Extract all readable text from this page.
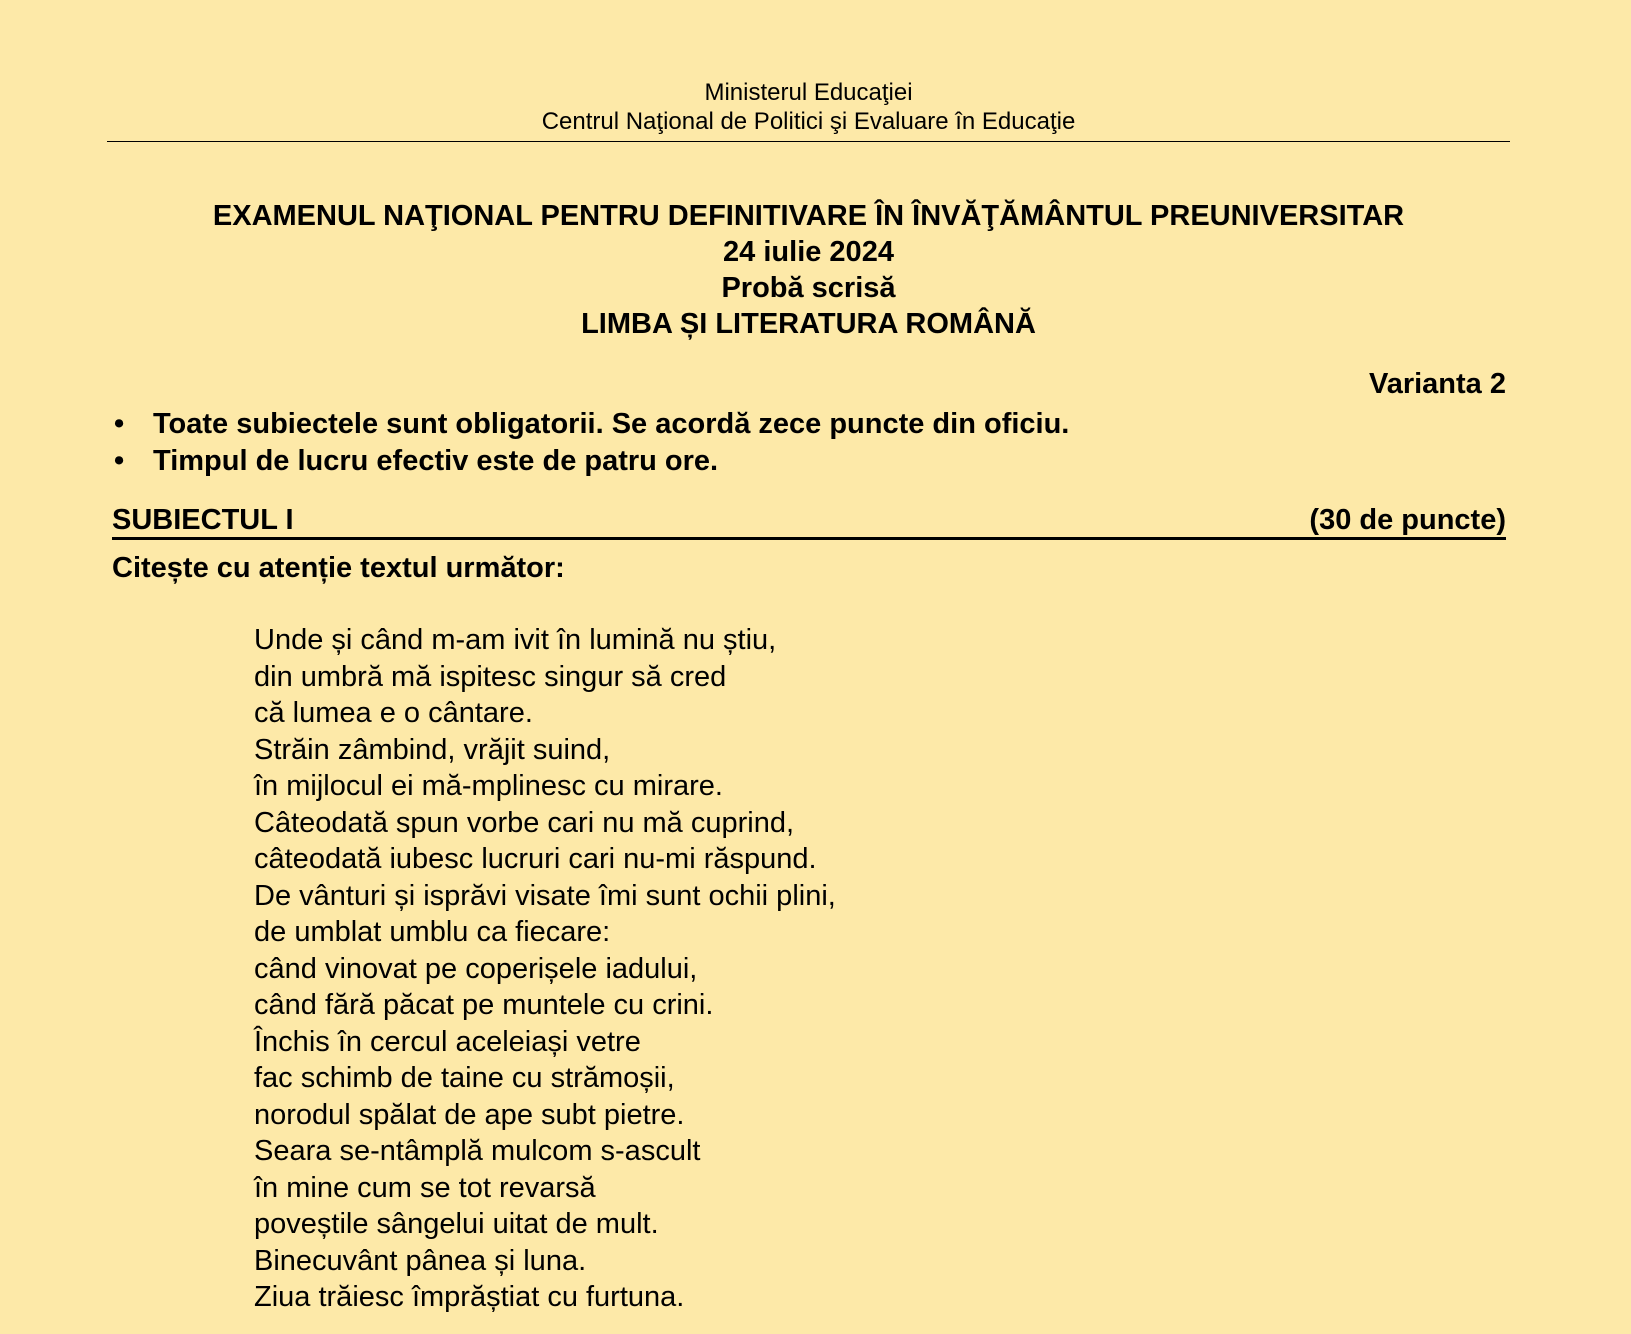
Ministerul Educaţiei
Centrul Naţional de Politici şi Evaluare în Educaţie
EXAMENUL NAŢIONAL PENTRU DEFINITIVARE ÎN ÎNVĂŢĂMÂNTUL PREUNIVERSITAR
24 iulie 2024
Probă scrisă
LIMBA ȘI LITERATURA ROMÂNĂ
Varianta 2
• Toate subiectele sunt obligatorii. Se acordă zece puncte din oficiu.
• Timpul de lucru efectiv este de patru ore.
SUBIECTUL I	(30 de puncte)
Citește cu atenție textul următor:
Unde și când m-am ivit în lumină nu știu,
din umbră mă ispitesc singur să cred
că lumea e o cântare.
Străin zâmbind, vrăjit suind,
în mijlocul ei mă-mplinesc cu mirare.
Câteodată spun vorbe cari nu mă cuprind,
câteodată iubesc lucruri cari nu-mi răspund.
De vânturi și isprăvi visate îmi sunt ochii plini,
de umblat umblu ca fiecare:
când vinovat pe coperișele iadului,
când fără păcat pe muntele cu crini.
Închis în cercul aceleiași vetre
fac schimb de taine cu strămoșii,
norodul spălat de ape subt pietre.
Seara se-ntâmplă mulcom s-ascult
în mine cum se tot revarsă
poveștile sângelui uitat de mult.
Binecuvânt pânea și luna.
Ziua trăiesc împrăștiat cu furtuna.
